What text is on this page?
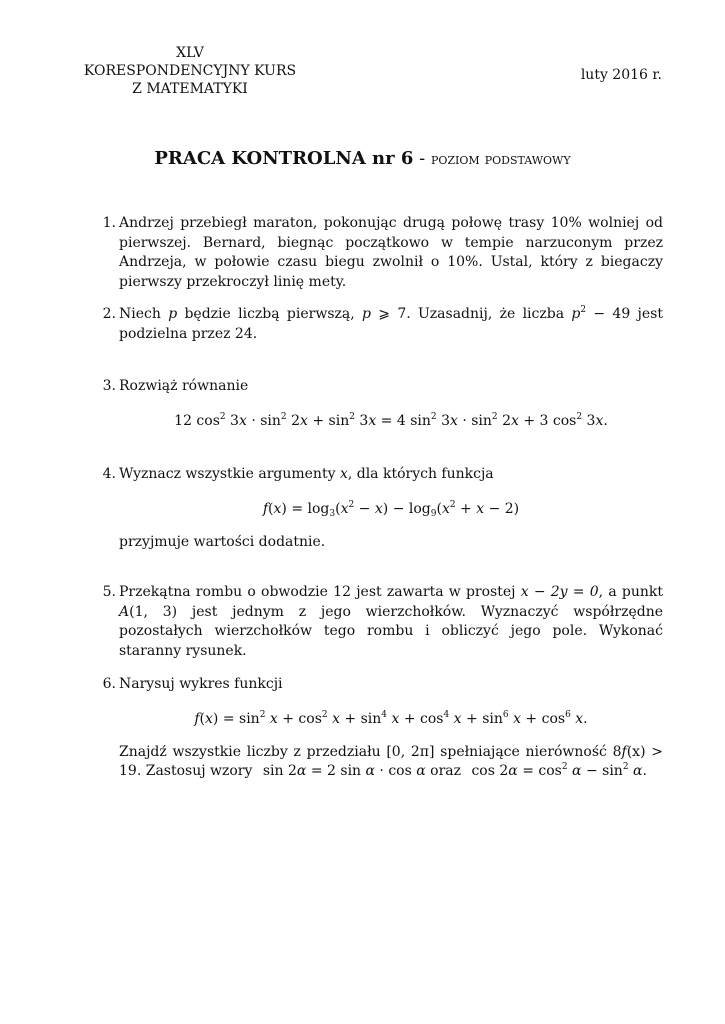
XLV
KORESPONDENCYJNY KURS
Z MATEMATYKI
luty 2016 r.
PRACA KONTROLNA nr 6 - poziom podstawowy
1. Andrzej przebiegł maraton, pokonując drugą połowę trasy 10% wolniej od pierwszej. Bernard, biegnąc początkowo w tempie narzuconym przez Andrzeja, w połowie czasu biegu zwolnił o 10%. Ustal, który z biegaczy pierwszy przekroczył linię mety.

2. Niech p będzie liczbą pierwszą, p ⩾ 7. Uzasadnij, że liczba $p^2 - 49$ jest podzielna przez 24.

3. Rozwiąż równanie

12 $\cos^2 3x \cdot \sin^2 2x + \sin^2 3x = 4$ $\sin^2 3x \cdot \sin^2 2x + 3$ $\cos^2 3x$.
4. Wyznacz wszystkie argumenty x, dla których funkcja

$f(x) = \log_3(x^2 - x) - \log_9(x^2 + x - 2)$

przyjmuje wartości dodatnie.

5. Przekątna rombu o obwodzie 12 jest zawarta w prostej x − 2y = 0, a punkt A(1, 3) jest jednym z jego wierzchołków. Wyznaczyć współrzędne pozostałych wierzchołków tego rombu i obliczyć jego pole. Wykonać staranny rysunek.

6. Narysuj wykres funkcji

$f(x) = \sin^2 x + \cos^2 x + \sin^4 x + \cos^4 x + \sin^6 x + \cos^6 x$.

Znajdź wszystkie liczby z przedziału [0, 2π] spełniające nierówność 8f(x) > 19. Zastosuj wzory sin 2α = 2 sin α · cos α oraz $\cos 2\alpha = \cos^2 \alpha - \sin^2 \alpha$.
